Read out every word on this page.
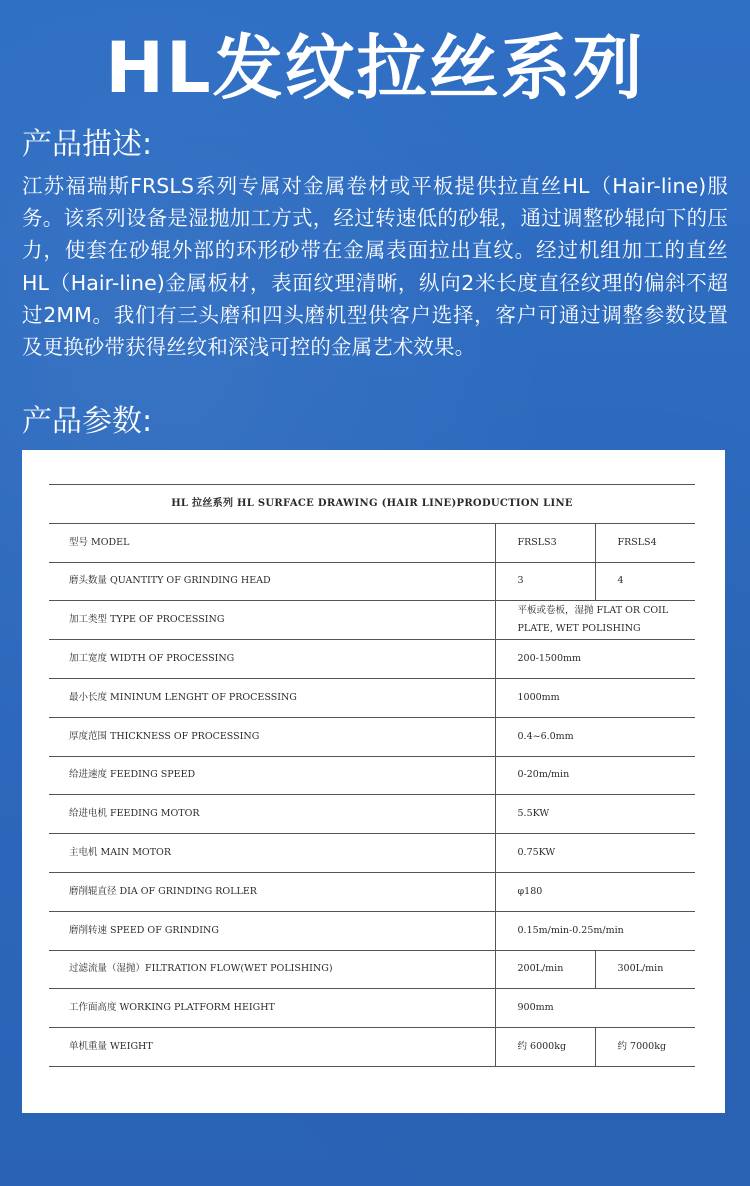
HL发纹拉丝系列
产品描述:
江苏福瑞斯FRSLS系列专属对金属卷材或平板提供拉直丝HL（Hair-line)服务。该系列设备是湿抛加工方式，经过转速低的砂辊，通过调整砂辊向下的压力，使套在砂辊外部的环形砂带在金属表面拉出直纹。经过机组加工的直丝HL（Hair-line)金属板材，表面纹理清晰，纵向2米长度直径纹理的偏斜不超过2MM。我们有三头磨和四头磨机型供客户选择，客户可通过调整参数设置及更换砂带获得丝纹和深浅可控的金属艺术效果。
产品参数:
HL 拉丝系列 HL SURFACE DRAWING (HAIR LINE)PRODUCTION LINE		
型号 MODEL	FRSLS3	FRSLS4
磨头数量 QUANTITY OF GRINDING HEAD	3	4
加工类型 TYPE OF PROCESSING	平板或卷板，湿抛 FLAT OR COIL PLATE, WET POLISHING	
加工宽度 WIDTH OF PROCESSING	200-1500mm	
最小长度 MININUM LENGHT OF PROCESSING	1000mm	
厚度范围 THICKNESS OF PROCESSING	0.4~6.0mm	
给进速度 FEEDING SPEED	0-20m/min	
给进电机 FEEDING MOTOR	5.5KW	
主电机 MAIN MOTOR	0.75KW	
磨削辊直径 DIA OF GRINDING ROLLER	φ180	
磨削转速 SPEED OF GRINDING	0.15m/min-0.25m/min	
过滤流量（湿抛）FILTRATION FLOW(WET POLISHING)	200L/min	300L/min
工作面高度 WORKING PLATFORM HEIGHT	900mm	
单机重量 WEIGHT	约 6000kg	约 7000kg
